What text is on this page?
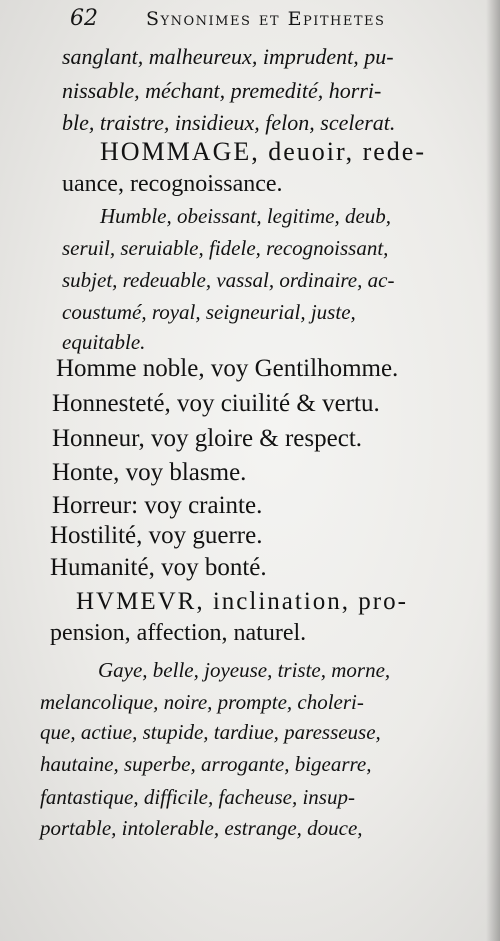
62	Synonimes et Epithetes
sanglant, malheureux, imprudent, pu-
nissable, méchant, premedité, horri-
ble, traistre, insidieux, felon, scelerat.
HOMMAGE, deuoir, rede-
uance, recognoissance.
Humble, obeissant, legitime, deub,
seruil, seruiable, fidele, recognoissant,
subjet, redeuable, vassal, ordinaire, ac-
coustumé, royal, seigneurial, juste,
equitable.
Homme noble, voy Gentilhomme.
Honnesteté, voy ciuilité & vertu.
Honneur, voy gloire & respect.
Honte, voy blasme.
Horreur: voy crainte.
Hostilité, voy guerre.
Humanité, voy bonté.
HVMEVR, inclination, pro-
pension, affection, naturel.
Gaye, belle, joyeuse, triste, morne,
melancolique, noire, prompte, choleri-
que, actiue, stupide, tardiue, paresseuse,
hautaine, superbe, arrogante, bigearre,
fantastique, difficile, facheuse, insup-
portable, intolerable, estrange, douce,
